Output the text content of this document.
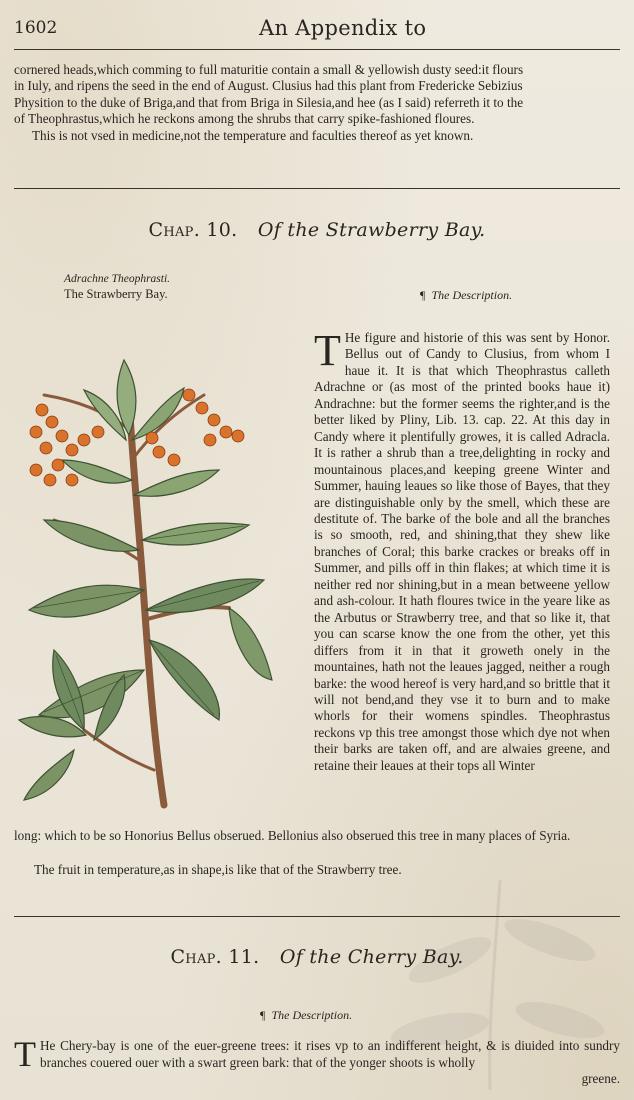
1602	An Appendix to
cornered heads,which comming to full maturitie contain a small & yellowish dusty seed:it flours
in Iuly, and ripens the seed in the end of August. Clusius had this plant from Fredericke Sebizius
Physition to the duke of Briga,and that from Briga in Silesia,and hee (as I said) referreth it to the
of Theophrastus,which he reckons among the shrubs that carry spike-fashioned floures.
This is not vsed in medicine,not the temperature and faculties thereof as yet known.
Chap. 10. Of the Strawberry Bay.
Adrachne Theophrasti.
The Strawberry Bay.	¶ The Description.
T He figure and historie of this was sent by Honor. Bellus out of Candy to Clusius, from whom I haue it. It is that which Theophrastus calleth Adrachne or (as most of the printed books haue it) Andrachne: but the former seems the righter,and is the better liked by Pliny, Lib. 13. cap. 22. At this day in Candy where it plentifully growes, it is called Adracla. It is rather a shrub than a tree,delighting in rocky and mountainous places,and keeping greene Winter and Summer, hauing leaues so like those of Bayes, that they are distinguishable only by the smell, which these are destitute of. The barke of the bole and all the branches is so smooth, red, and shining,that they shew like branches of Coral; this barke crackes or breaks off in Summer, and pills off in thin flakes; at which time it is neither red nor shining,but in a mean betweene yellow and ash-colour. It hath floures twice in the yeare like as the Arbutus or Strawberry tree, and that so like it, that you can scarse know the one from the other, yet this differs from it in that it groweth onely in the mountaines, hath not the leaues jagged, neither a rough barke: the wood hereof is very hard,and so brittle that it will not bend,and they vse it to burn and to make whorls for their womens spindles. Theophrastus reckons vp this tree amongst those which dye not when their barks are taken off, and are alwaies greene, and retaine their leaues at their tops all Winter
long: which to be so Honorius Bellus obserued. Bellonius also obserued this tree in many places of Syria.
The fruit in temperature,as in shape,is like that of the Strawberry tree.
Chap. 11. Of the Cherry Bay.
¶ The Description.
T He Chery-bay is one of the euer-greene trees: it rises vp to an indifferent height, & is diuided into sundry branches couered ouer with a swart green bark: that of the yonger shoots is wholly
greene.
